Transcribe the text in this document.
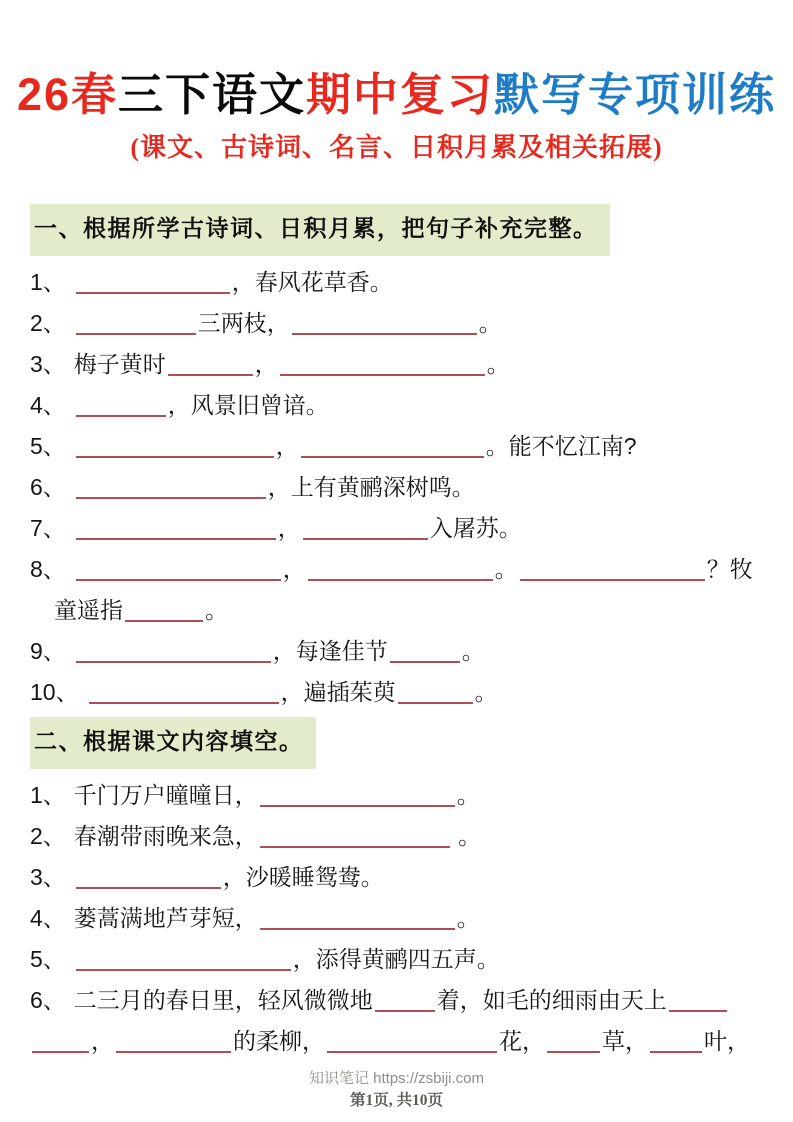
26春三下语文期中复习默写专项训练
(课文、古诗词、名言、日积月累及相关拓展)
一、根据所学古诗词、日积月累，把句子补充完整。
1、	，春风花草香。
2、	三两枝，	。
3、 梅子黄时	，	。
4、	，风景旧曾谙。
5、	，	。能不忆江南?
6、	，上有黄鹂深树鸣。
7、	，	入屠苏。
8、	，	。	？牧
童遥指	。
9、	，每逢佳节	。
10、	，遍插茱萸	。
二、根据课文内容填空。
1、 千门万户曈曈日，	。
2、 春潮带雨晚来急，	。
3、	，沙暖睡鸳鸯。
4、 蒌蒿满地芦芽短，	。
5、	，添得黄鹂四五声。
6、 二三月的春日里，轻风微微地	着，如毛的细雨由天上
，	的柔柳，	花， 草， 叶，
知识笔记 https://zsbiji.com
第1页, 共10页
